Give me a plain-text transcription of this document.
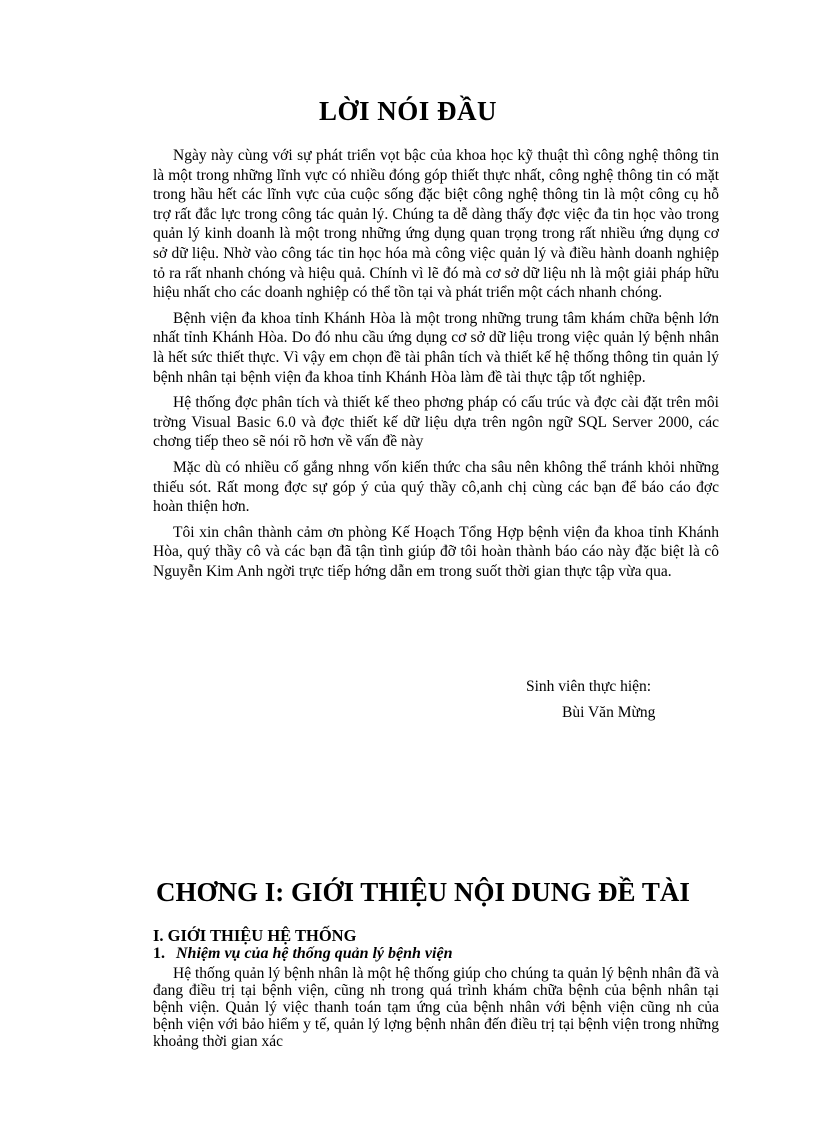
LỜI NÓI ĐẦU

Ngày này cùng với sự phát triển vọt bậc của khoa học kỹ thuật thì công nghệ thông tin là một trong những lĩnh vực có nhiều đóng góp thiết thực nhất, công nghệ thông tin có mặt trong hầu hết các lĩnh vực của cuộc sống đặc biệt công nghệ thông tin là một công cụ hỗ trợ rất đắc lực trong công tác quản lý. Chúng ta dễ dàng thấy đợc việc đa tin học vào trong quản lý kinh doanh là một trong những ứng dụng quan trọng trong rất nhiều ứng dụng cơ sở dữ liệu. Nhờ vào công tác tin học hóa mà công việc quản lý và điều hành doanh nghiệp tỏ ra rất nhanh chóng và hiệu quả. Chính vì lẽ đó mà cơ sở dữ liệu nh là một giải pháp hữu hiệu nhất cho các doanh nghiệp có thể tồn tại và phát triển một cách nhanh chóng.

Bệnh viện đa khoa tỉnh Khánh Hòa là một trong những trung tâm khám chữa bệnh lớn nhất tỉnh Khánh Hòa. Do đó nhu cầu ứng dụng cơ sở dữ liệu trong việc quản lý bệnh nhân là hết sức thiết thực. Vì vậy em chọn đề tài phân tích và thiết kế hệ thống thông tin quản lý bệnh nhân tại bệnh viện đa khoa tỉnh Khánh Hòa làm đề tài thực tập tốt nghiệp.

Hệ thống đợc phân tích và thiết kế theo phơng pháp có cấu trúc và đợc cài đặt trên môi trờng Visual Basic 6.0 và đợc thiết kế dữ liệu dựa trên ngôn ngữ SQL Server 2000, các chơng tiếp theo sẽ nói rõ hơn về vấn đề này

Mặc dù có nhiều cố gắng nhng vốn kiến thức cha sâu nên không thể tránh khỏi những thiếu sót. Rất mong đợc sự góp ý của quý thầy cô,anh chị cùng các bạn để báo cáo đợc hoàn thiện hơn.

Tôi xin chân thành cảm ơn phòng Kế Hoạch Tổng Hợp bệnh viện đa khoa tỉnh Khánh Hòa, quý thầy cô và các bạn đã tận tình giúp đỡ tôi hoàn thành báo cáo này đặc biệt là cô Nguyễn Kim Anh ngời trực tiếp hớng dẫn em trong suốt thời gian thực tập vừa qua.

Sinh viên thực hiện:
Bùi Văn Mừng
CHƠNG I: GIỚI THIỆU NỘI DUNG ĐỀ TÀI
I. GIỚI THIỆU HỆ THỐNG
1. Nhiệm vụ của hệ thống quản lý bệnh viện

Hệ thống quản lý bệnh nhân là một hệ thống giúp cho chúng ta quản lý bệnh nhân đã và đang điều trị tại bệnh viện, cũng nh trong quá trình khám chữa bệnh của bệnh nhân tại bệnh viện. Quản lý việc thanh toán tạm ứng của bệnh nhân với bệnh viện cũng nh của bệnh viện với bảo hiểm y tế, quản lý lợng bệnh nhân đến điều trị tại bệnh viện trong những khoảng thời gian xác
